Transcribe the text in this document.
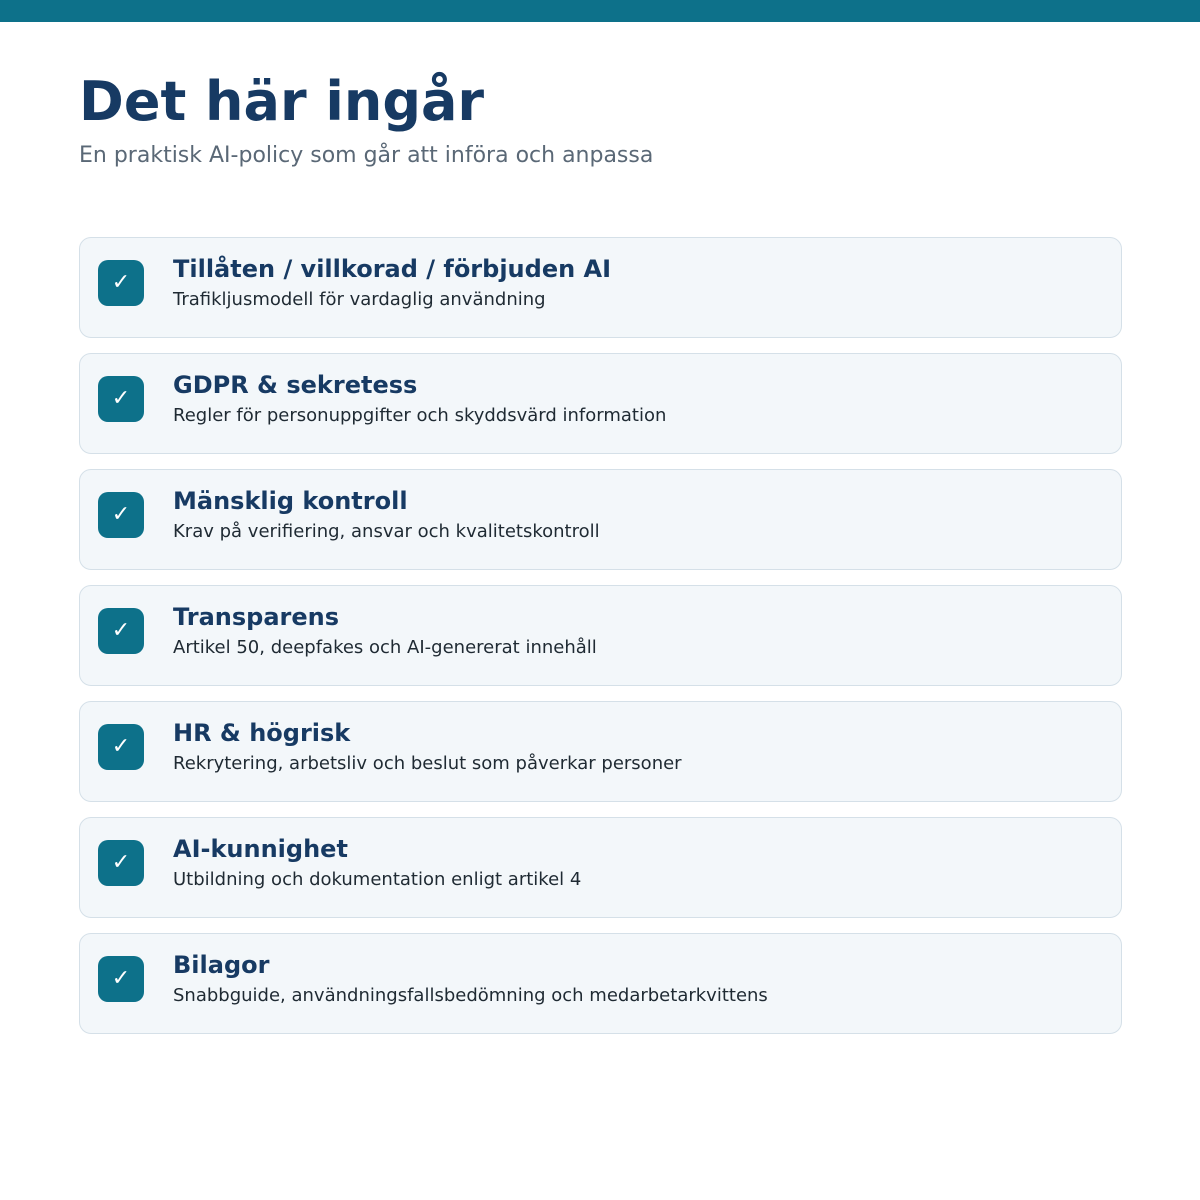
Det här ingår

En praktisk AI-policy som går att införa och anpassa

✓	Tillåten / villkorad / förbjuden AI
Trafikljusmodell för vardaglig användning
✓	GDPR & sekretess
Regler för personuppgifter och skyddsvärd information
✓	Mänsklig kontroll
Krav på verifiering, ansvar och kvalitetskontroll
✓	Transparens
Artikel 50, deepfakes och AI-genererat innehåll
✓	HR & högrisk
Rekrytering, arbetsliv och beslut som påverkar personer
✓	AI-kunnighet
Utbildning och dokumentation enligt artikel 4
✓	Bilagor
Snabbguide, användningsfallsbedömning och medarbetarkvittens
